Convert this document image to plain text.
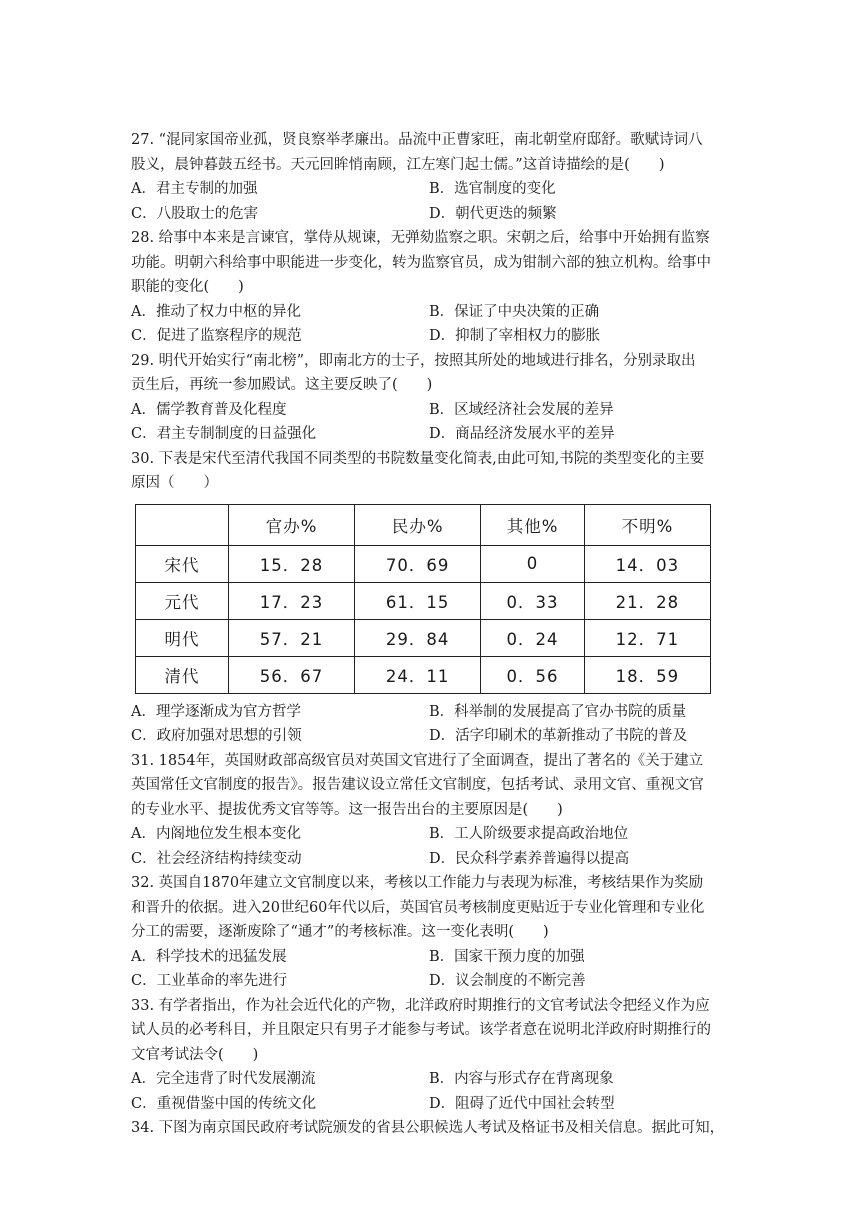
27. “混同家国帝业孤，贤良察举孝廉出。品流中正曹家旺，南北朝堂府邸舒。歌赋诗词八
股义，晨钟暮鼓五经书。天元回眸悄南顾，江左寒门起士儒。”这首诗描绘的是(　　)
A．君主专制的加强	B．选官制度的变化
C．八股取士的危害	D．朝代更迭的频繁
28. 给事中本来是言谏官，掌侍从规谏，无弹劾监察之职。宋朝之后，给事中开始拥有监察
功能。明朝六科给事中职能进一步变化，转为监察官员，成为钳制六部的独立机构。给事中
职能的变化(　　)
A．推动了权力中枢的异化	B．保证了中央决策的正确
C．促进了监察程序的规范	D．抑制了宰相权力的膨胀
29. 明代开始实行“南北榜”，即南北方的士子，按照其所处的地域进行排名，分别录取出
贡生后，再统一参加殿试。这主要反映了(　　)
A．儒学教育普及化程度	B．区域经济社会发展的差异
C．君主专制制度的日益强化	D．商品经济发展水平的差异
30. 下表是宋代至清代我国不同类型的书院数量变化简表,由此可知,书院的类型变化的主要
原因（　　）
	官办%	民办%	其他%	不明%
宋代	15．28	70．69	0	14．03
元代	17．23	61．15	0．33	21．28
明代	57．21	29．84	0．24	12．71
清代	56．67	24．11	0．56	18．59
A．理学逐渐成为官方哲学	B．科举制的发展提高了官办书院的质量
C．政府加强对思想的引领	D．活字印刷术的革新推动了书院的普及
31. 1854年，英国财政部高级官员对英国文官进行了全面调查，提出了著名的《关于建立
英国常任文官制度的报告》。报告建议设立常任文官制度，包括考试、录用文官、重视文官
的专业水平、提拔优秀文官等等。这一报告出台的主要原因是(　　)
A．内阁地位发生根本变化	B．工人阶级要求提高政治地位
C．社会经济结构持续变动	D．民众科学素养普遍得以提高
32. 英国自1870年建立文官制度以来，考核以工作能力与表现为标准，考核结果作为奖励
和晋升的依据。进入20世纪60年代以后，英国官员考核制度更贴近于专业化管理和专业化
分工的需要，逐渐废除了“通才”的考核标准。这一变化表明(　　)
A．科学技术的迅猛发展	B．国家干预力度的加强
C．工业革命的率先进行	D．议会制度的不断完善
33. 有学者指出，作为社会近代化的产物，北洋政府时期推行的文官考试法令把经义作为应
试人员的必考科目，并且限定只有男子才能参与考试。该学者意在说明北洋政府时期推行的
文官考试法令(　　)
A．完全违背了时代发展潮流	B．内容与形式存在背离现象
C．重视借鉴中国的传统文化	D．阻碍了近代中国社会转型
34. 下图为南京国民政府考试院颁发的省县公职候选人考试及格证书及相关信息。据此可知，
